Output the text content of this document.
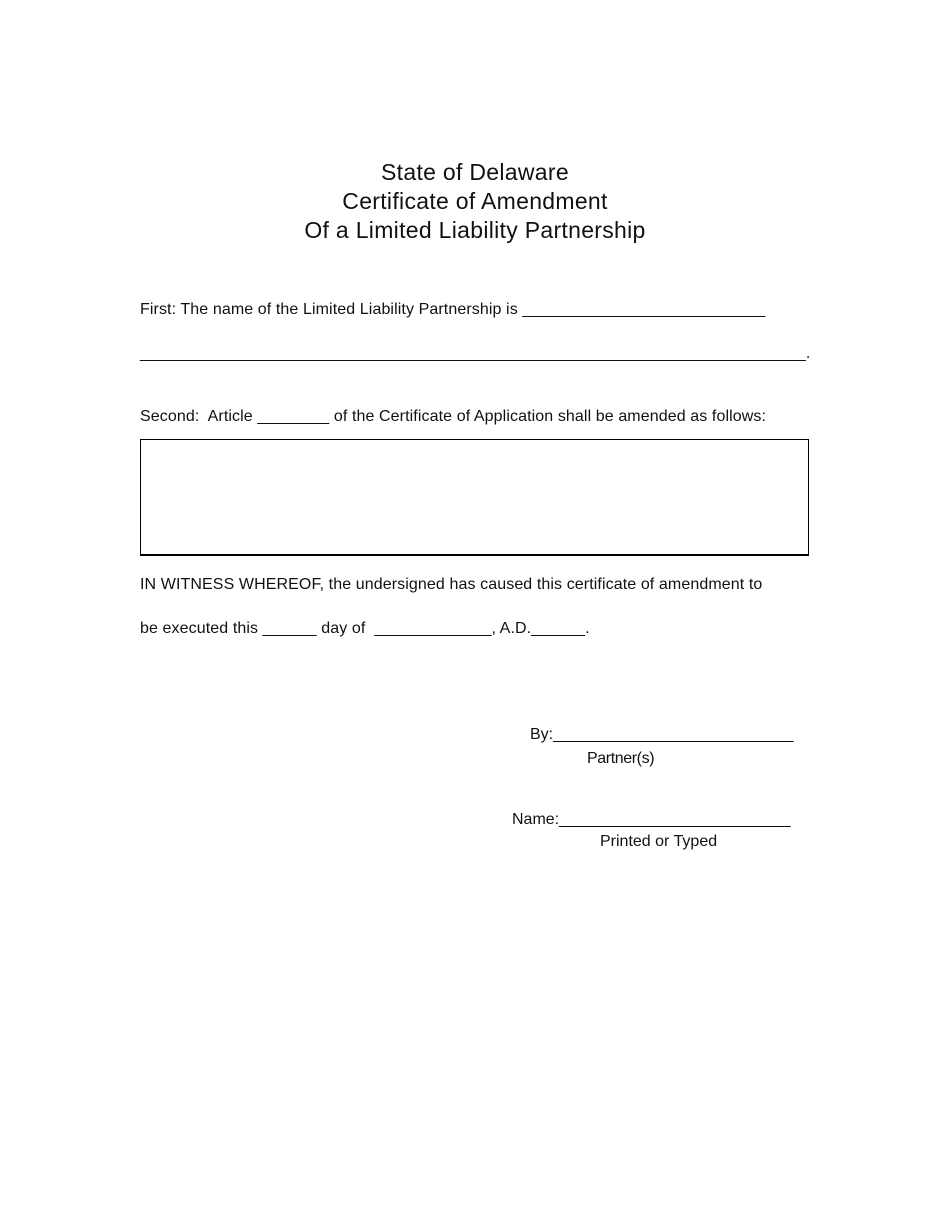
State of Delaware
Certificate of Amendment
Of a Limited Liability Partnership
First: The name of the Limited Liability Partnership is ___________________________
__________________________________________________________________________.
Second:  Article ________ of the Certificate of Application shall be amended as follows:
IN WITNESS WHEREOF, the undersigned has caused this certificate of amendment to
be executed this ______ day of  _____________, A.D.______.
By:___________________________
Partner(s)
Name:__________________________
Printed or Typed
